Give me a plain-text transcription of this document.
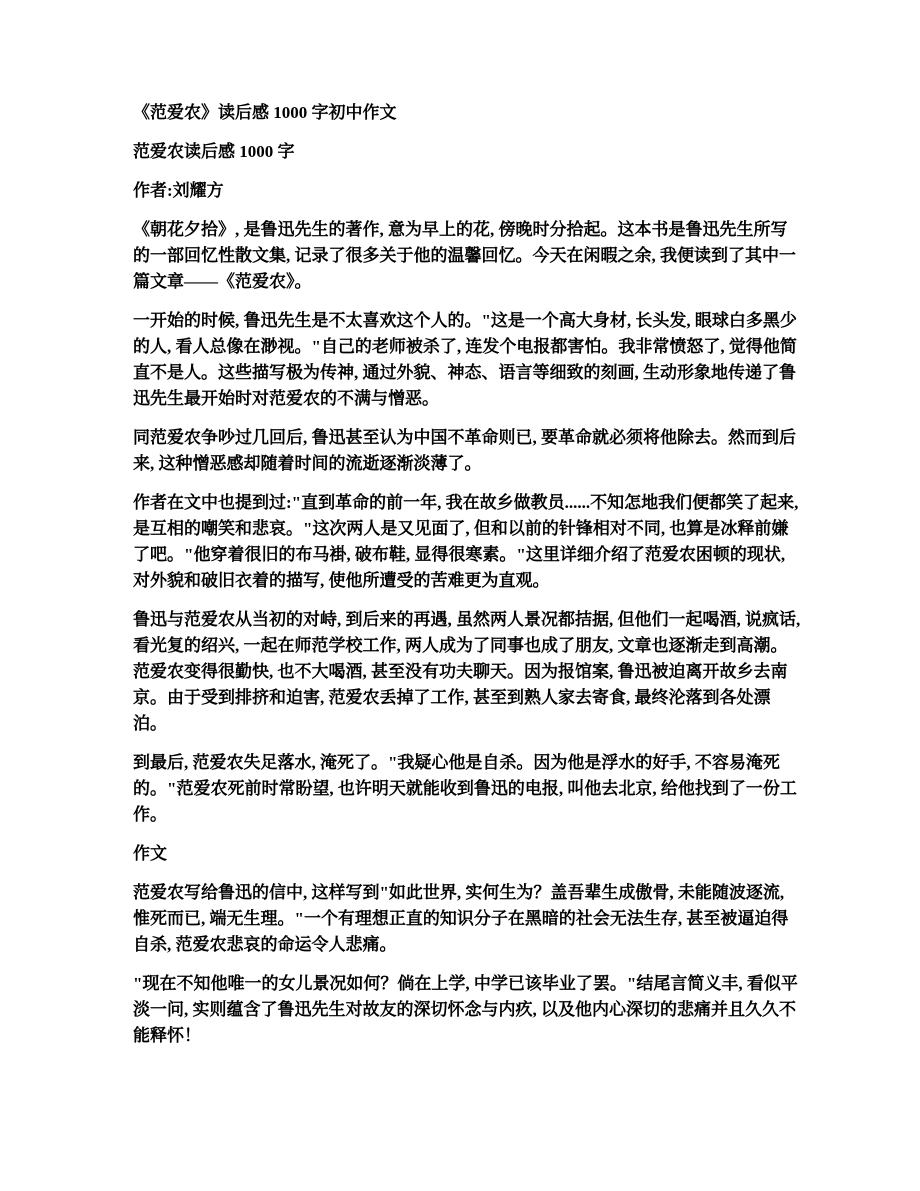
《范爱农》读后感 1000 字初中作文

范爱农读后感 1000 字

作者:刘耀方

《朝花夕拾》, 是鲁迅先生的著作, 意为早上的花, 傍晚时分拾起。这本书是鲁迅先生所写的一部回忆性散文集, 记录了很多关于他的温馨回忆。今天在闲暇之余, 我便读到了其中一篇文章——《范爱农》。

一开始的时候, 鲁迅先生是不太喜欢这个人的。"这是一个高大身材, 长头发, 眼球白多黑少的人, 看人总像在渺视。"自己的老师被杀了, 连发个电报都害怕。我非常愤怒了, 觉得他简直不是人。这些描写极为传神, 通过外貌、神态、语言等细致的刻画, 生动形象地传递了鲁迅先生最开始时对范爱农的不满与憎恶。

同范爱农争吵过几回后, 鲁迅甚至认为中国不革命则已, 要革命就必须将他除去。然而到后来, 这种憎恶感却随着时间的流逝逐渐淡薄了。

作者在文中也提到过:"直到革命的前一年, 我在故乡做教员......不知怎地我们便都笑了起来, 是互相的嘲笑和悲哀。"这次两人是又见面了, 但和以前的针锋相对不同, 也算是冰释前嫌了吧。"他穿着很旧的布马褂, 破布鞋, 显得很寒素。"这里详细介绍了范爱农困顿的现状, 对外貌和破旧衣着的描写, 使他所遭受的苦难更为直观。

鲁迅与范爱农从当初的对峙, 到后来的再遇, 虽然两人景况都拮据, 但他们一起喝酒, 说疯话, 看光复的绍兴, 一起在师范学校工作, 两人成为了同事也成了朋友, 文章也逐渐走到高潮。范爱农变得很勤快, 也不大喝酒, 甚至没有功夫聊天。因为报馆案, 鲁迅被迫离开故乡去南京。由于受到排挤和迫害, 范爱农丢掉了工作, 甚至到熟人家去寄食, 最终沦落到各处漂泊。

到最后, 范爱农失足落水, 淹死了。"我疑心他是自杀。因为他是浮水的好手, 不容易淹死的。"范爱农死前时常盼望, 也许明天就能收到鲁迅的电报, 叫他去北京, 给他找到了一份工作。

作文

范爱农写给鲁迅的信中, 这样写到"如此世界, 实何生为？盖吾辈生成傲骨, 未能随波逐流, 惟死而已, 端无生理。"一个有理想正直的知识分子在黑暗的社会无法生存, 甚至被逼迫得自杀, 范爱农悲哀的命运令人悲痛。

"现在不知他唯一的女儿景况如何？倘在上学, 中学已该毕业了罢。"结尾言简义丰, 看似平淡一问, 实则蕴含了鲁迅先生对故友的深切怀念与内疚, 以及他内心深切的悲痛并且久久不能释怀！
